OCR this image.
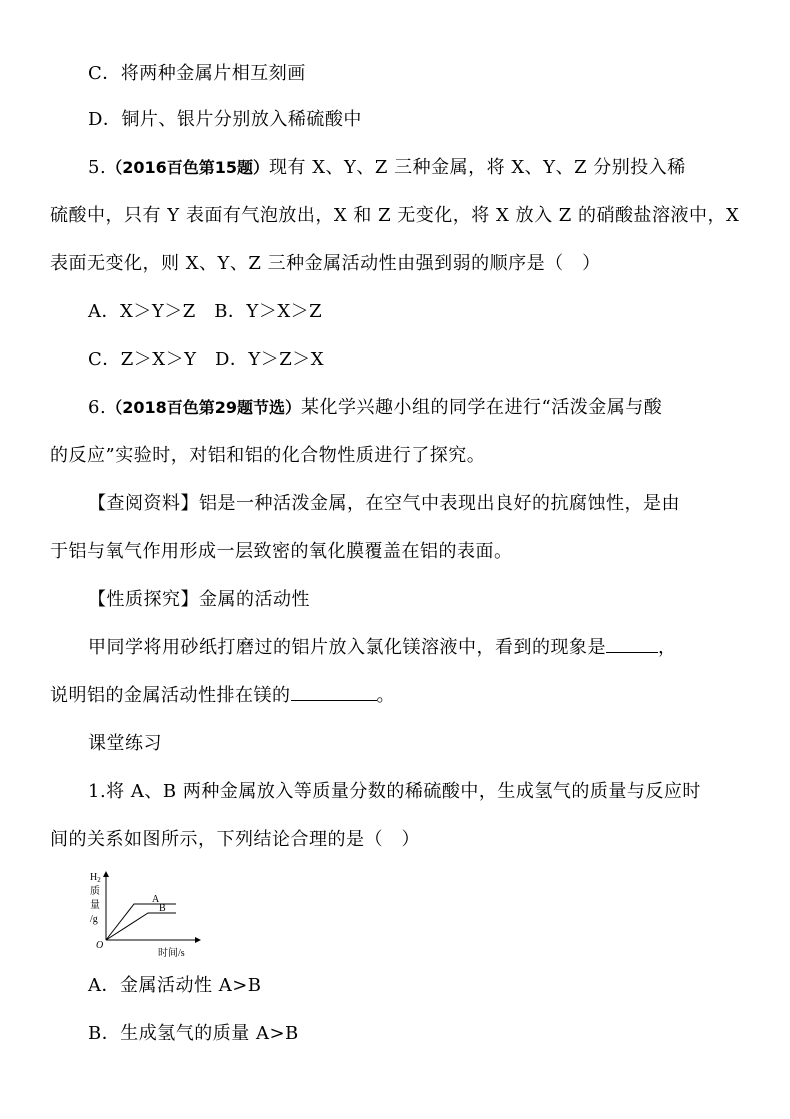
C．将两种金属片相互刻画
D．铜片、银片分别放入稀硫酸中
5.（2016百色第15题）现有 X、Y、Z 三种金属，将 X、Y、Z 分别投入稀
硫酸中，只有 Y 表面有气泡放出，X 和 Z 无变化，将 X 放入 Z 的硝酸盐溶液中，X
表面无变化，则 X、Y、Z 三种金属活动性由强到弱的顺序是（　）
A．X＞Y＞Z　B．Y＞X＞Z
C．Z＞X＞Y　D．Y＞Z＞X
6.（2018百色第29题节选）某化学兴趣小组的同学在进行“活泼金属与酸
的反应”实验时，对铝和铝的化合物性质进行了探究。
【查阅资料】铝是一种活泼金属，在空气中表现出良好的抗腐蚀性，是由
于铝与氧气作用形成一层致密的氧化膜覆盖在铝的表面。
【性质探究】金属的活动性
甲同学将用砂纸打磨过的铝片放入氯化镁溶液中，看到的现象是	，
说明铝的金属活动性排在镁的	。
课堂练习
1.将 A、B 两种金属放入等质量分数的稀硫酸中，生成氢气的质量与反应时
间的关系如图所示，下列结论合理的是（　）
$H_2$
质
量
/g
O
时间/s
A
B
A．金属活动性 A>B
B．生成氢气的质量 A>B
